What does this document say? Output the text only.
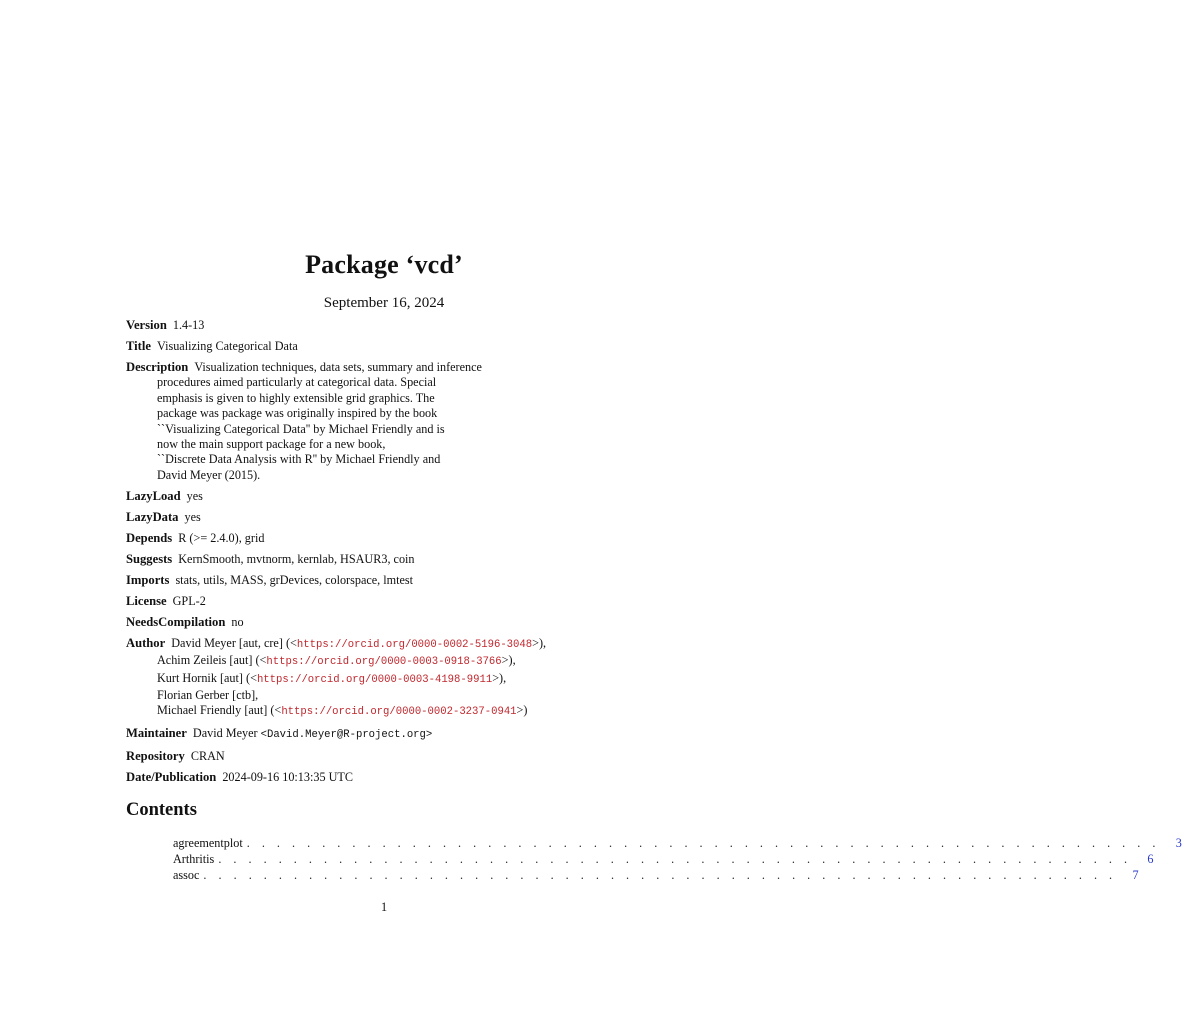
Package ‘vcd’
September 16, 2024
Version 1.4-13
Title Visualizing Categorical Data
Description Visualization techniques, data sets, summary and inference
procedures aimed particularly at categorical data. Special
emphasis is given to highly extensible grid graphics. The
package was package was originally inspired by the book
``Visualizing Categorical Data'' by Michael Friendly and is
now the main support package for a new book,
``Discrete Data Analysis with R'' by Michael Friendly and
David Meyer (2015).
LazyLoad yes
LazyData yes
Depends R (>= 2.4.0), grid
Suggests KernSmooth, mvtnorm, kernlab, HSAUR3, coin
Imports stats, utils, MASS, grDevices, colorspace, lmtest
License GPL-2
NeedsCompilation no
Author David Meyer [aut, cre] (<https://orcid.org/0000-0002-5196-3048>),
Achim Zeileis [aut] (<https://orcid.org/0000-0003-0918-3766>),
Kurt Hornik [aut] (<https://orcid.org/0000-0003-4198-9911>),
Florian Gerber [ctb],
Michael Friendly [aut] (<https://orcid.org/0000-0002-3237-0941>)
Maintainer David Meyer <David.Meyer@R-project.org>
Repository CRAN
Date/Publication 2024-09-16 10:13:35 UTC
Contents
agreementplot . . . . . . . . . . . . . . . . . . . . . . . . . . . . . . . . . . . . . . . . . . . . . . . . . . . . . . . . . . . . .	3
Arthritis . . . . . . . . . . . . . . . . . . . . . . . . . . . . . . . . . . . . . . . . . . . . . . . . . . . . . . . . . . . . .	6
assoc . . . . . . . . . . . . . . . . . . . . . . . . . . . . . . . . . . . . . . . . . . . . . . . . . . . . . . . . . . . . .	7
1
